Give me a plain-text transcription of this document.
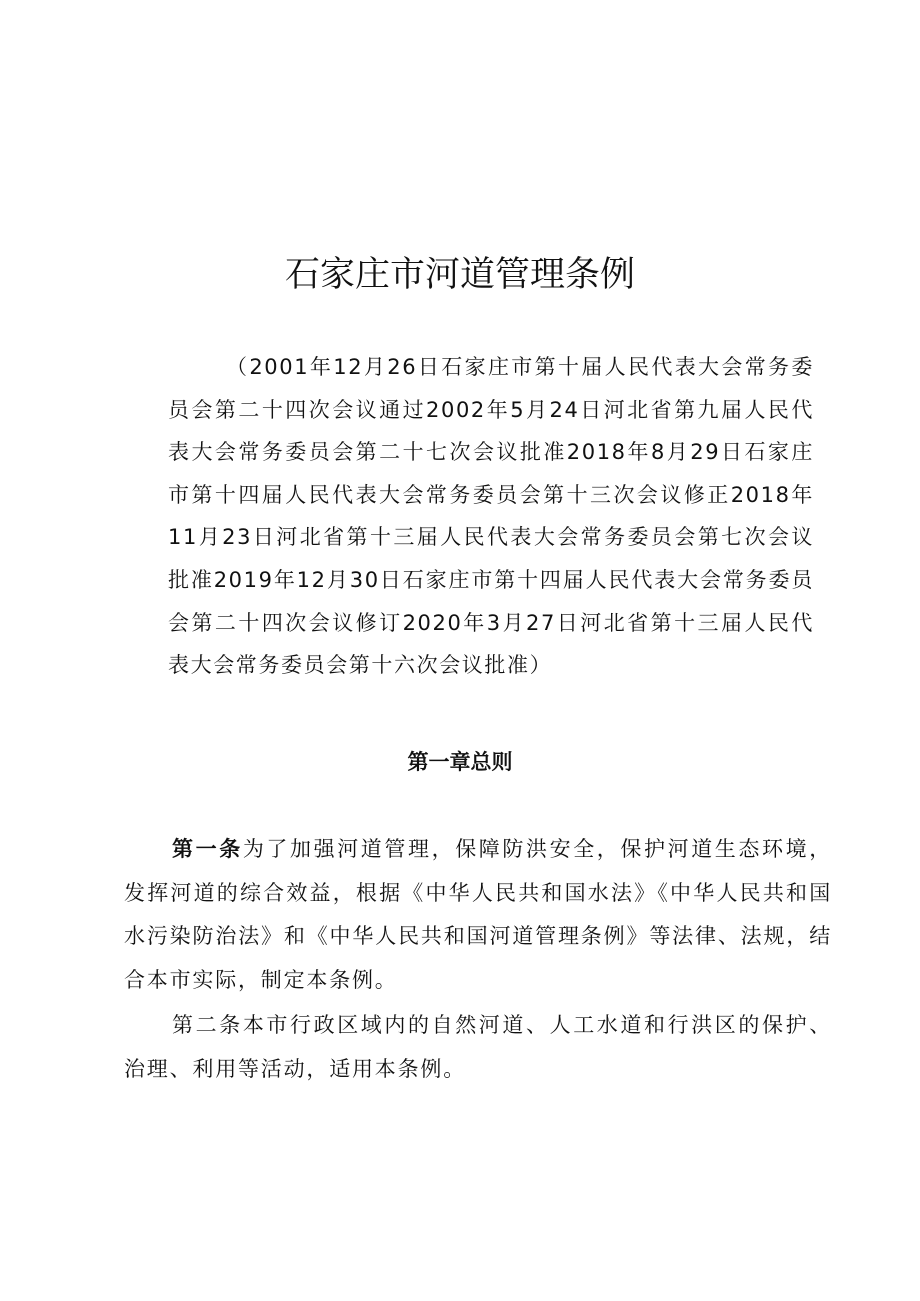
石家庄市河道管理条例
（2001年12月26日石家庄市第十届人民代表大会常务委员会第二十四次会议通过2002年5月24日河北省第九届人民代表大会常务委员会第二十七次会议批准2018年8月29日石家庄市第十四届人民代表大会常务委员会第十三次会议修正2018年11月23日河北省第十三届人民代表大会常务委员会第七次会议批准2019年12月30日石家庄市第十四届人民代表大会常务委员会第二十四次会议修订2020年3月27日河北省第十三届人民代表大会常务委员会第十六次会议批准）
第一章总则

第一条为了加强河道管理，保障防洪安全，保护河道生态环境，发挥河道的综合效益，根据《中华人民共和国水法》《中华人民共和国水污染防治法》和《中华人民共和国河道管理条例》等法律、法规，结合本市实际，制定本条例。

第二条本市行政区域内的自然河道、人工水道和行洪区的保护、治理、利用等活动，适用本条例。
